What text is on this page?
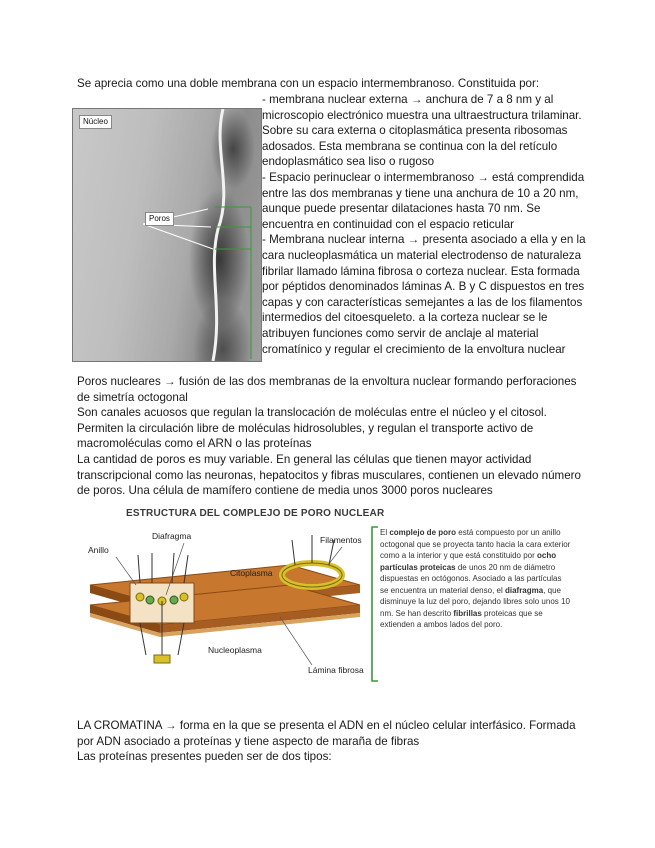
Se aprecia como una doble membrana con un espacio intermembranoso. Constituida por:
Núcleo
Poros
- membrana nuclear externa → anchura de 7 a 8 nm y al
microscopio electrónico muestra una ultraestructura trilaminar.
Sobre su cara externa o citoplasmática presenta ribosomas
adosados. Esta membrana se continua con la del retículo
endoplasmático sea liso o rugoso
- Espacio perinuclear o intermembranoso → está comprendida
entre las dos membranas y tiene una anchura de 10 a 20 nm,
aunque puede presentar dilataciones hasta 70 nm. Se
encuentra en continuidad con el espacio reticular
- Membrana nuclear interna → presenta asociado a ella y en la
cara nucleoplasmática un material electrodenso de naturaleza
fibrilar llamado lámina fibrosa o corteza nuclear. Esta formada
por péptidos denominados láminas A. B y C dispuestos en tres
capas y con características semejantes a las de los filamentos
intermedios del citoesqueleto. a la corteza nuclear se le
atribuyen funciones como servir de anclaje al material
cromatínico y regular el crecimiento de la envoltura nuclear
Poros nucleares → fusión de las dos membranas de la envoltura nuclear formando perforaciones
de simetría octogonal
Son canales acuosos que regulan la translocación de moléculas entre el núcleo y el citosol.
Permiten la circulación libre de moléculas hidrosolubles, y regulan el transporte activo de
macromoléculas como el ARN o las proteínas
La cantidad de poros es muy variable. En general las células que tienen mayor actividad
transcripcional como las neuronas, hepatocitos y fibras musculares, contienen un elevado número
de poros. Una célula de mamífero contiene de media unos 3000 poros nucleares
ESTRUCTURA DEL COMPLEJO DE PORO NUCLEAR
Anillo
Diafragma	Filamentos
Citoplasma
Nucleoplasma
Lámina fibrosa
El complejo de poro está compuesto por un anillo octogonal que se proyecta tanto hacia la cara exterior como a la interior y que está constituido por ocho partículas proteicas de unos 20 nm de diámetro dispuestas en octógonos. Asociado a las partículas se encuentra un material denso, el diafragma, que disminuye la luz del poro, dejando libres solo unos 10 nm. Se han descrito fibrillas proteicas que se extienden a ambos lados del poro.
LA CROMATINA → forma en la que se presenta el ADN en el núcleo celular interfásico. Formada
por ADN asociado a proteínas y tiene aspecto de maraña de fibras
Las proteínas presentes pueden ser de dos tipos:
